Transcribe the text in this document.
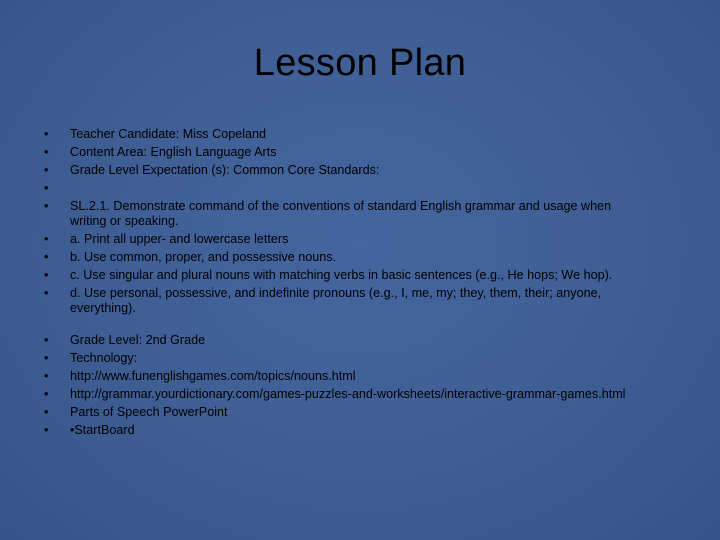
Lesson Plan
• Teacher Candidate: Miss Copeland
• Content Area: English Language Arts
• Grade Level Expectation (s): Common Core Standards:
•
• SL.2.1. Demonstrate command of the conventions of standard English grammar and usage when writing or speaking.
• a. Print all upper- and lowercase letters
• b. Use common, proper, and possessive nouns.
• c. Use singular and plural nouns with matching verbs in basic sentences (e.g., He hops; We hop).
• d. Use personal, possessive, and indefinite pronouns (e.g., I, me, my; they, them, their; anyone, everything).
• Grade Level: 2nd Grade
• Technology:
• http://www.funenglishgames.com/topics/nouns.html
• http://grammar.yourdictionary.com/games-puzzles-and-worksheets/interactive-grammar-games.html
• Parts of Speech PowerPoint
• •StartBoard
